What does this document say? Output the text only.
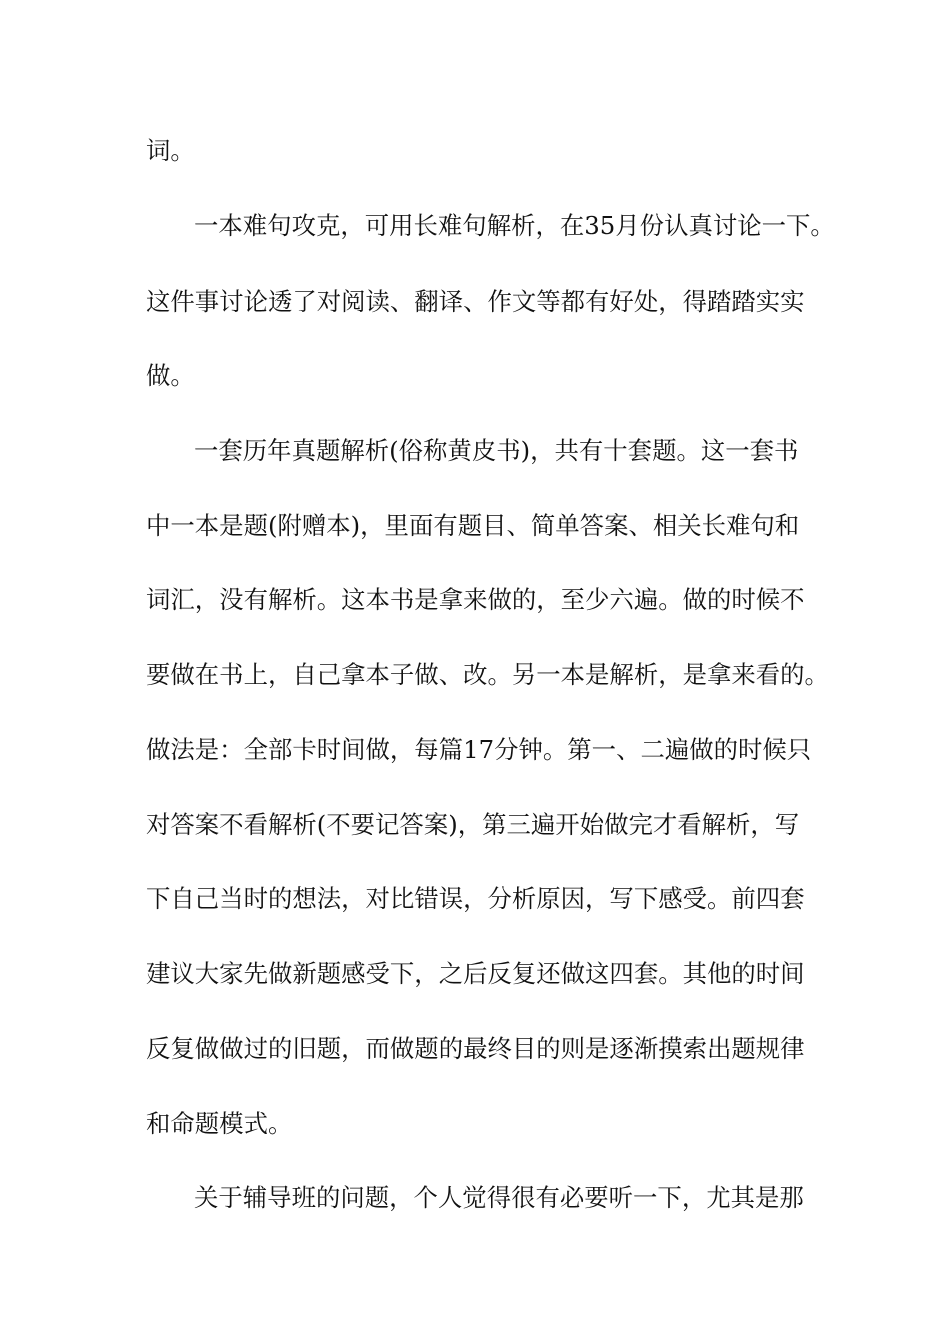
词。

一本难句攻克，可用长难句解析，在35月份认真讨论一下。

这件事讨论透了对阅读、翻译、作文等都有好处，得踏踏实实

做。

一套历年真题解析(俗称黄皮书)，共有十套题。这一套书

中一本是题(附赠本)，里面有题目、简单答案、相关长难句和

词汇，没有解析。这本书是拿来做的，至少六遍。做的时候不

要做在书上，自己拿本子做、改。另一本是解析，是拿来看的。

做法是：全部卡时间做，每篇17分钟。第一、二遍做的时候只

对答案不看解析(不要记答案)，第三遍开始做完才看解析，写

下自己当时的想法，对比错误，分析原因，写下感受。前四套

建议大家先做新题感受下，之后反复还做这四套。其他的时间

反复做做过的旧题，而做题的最终目的则是逐渐摸索出题规律

和命题模式。

关于辅导班的问题，个人觉得很有必要听一下，尤其是那
